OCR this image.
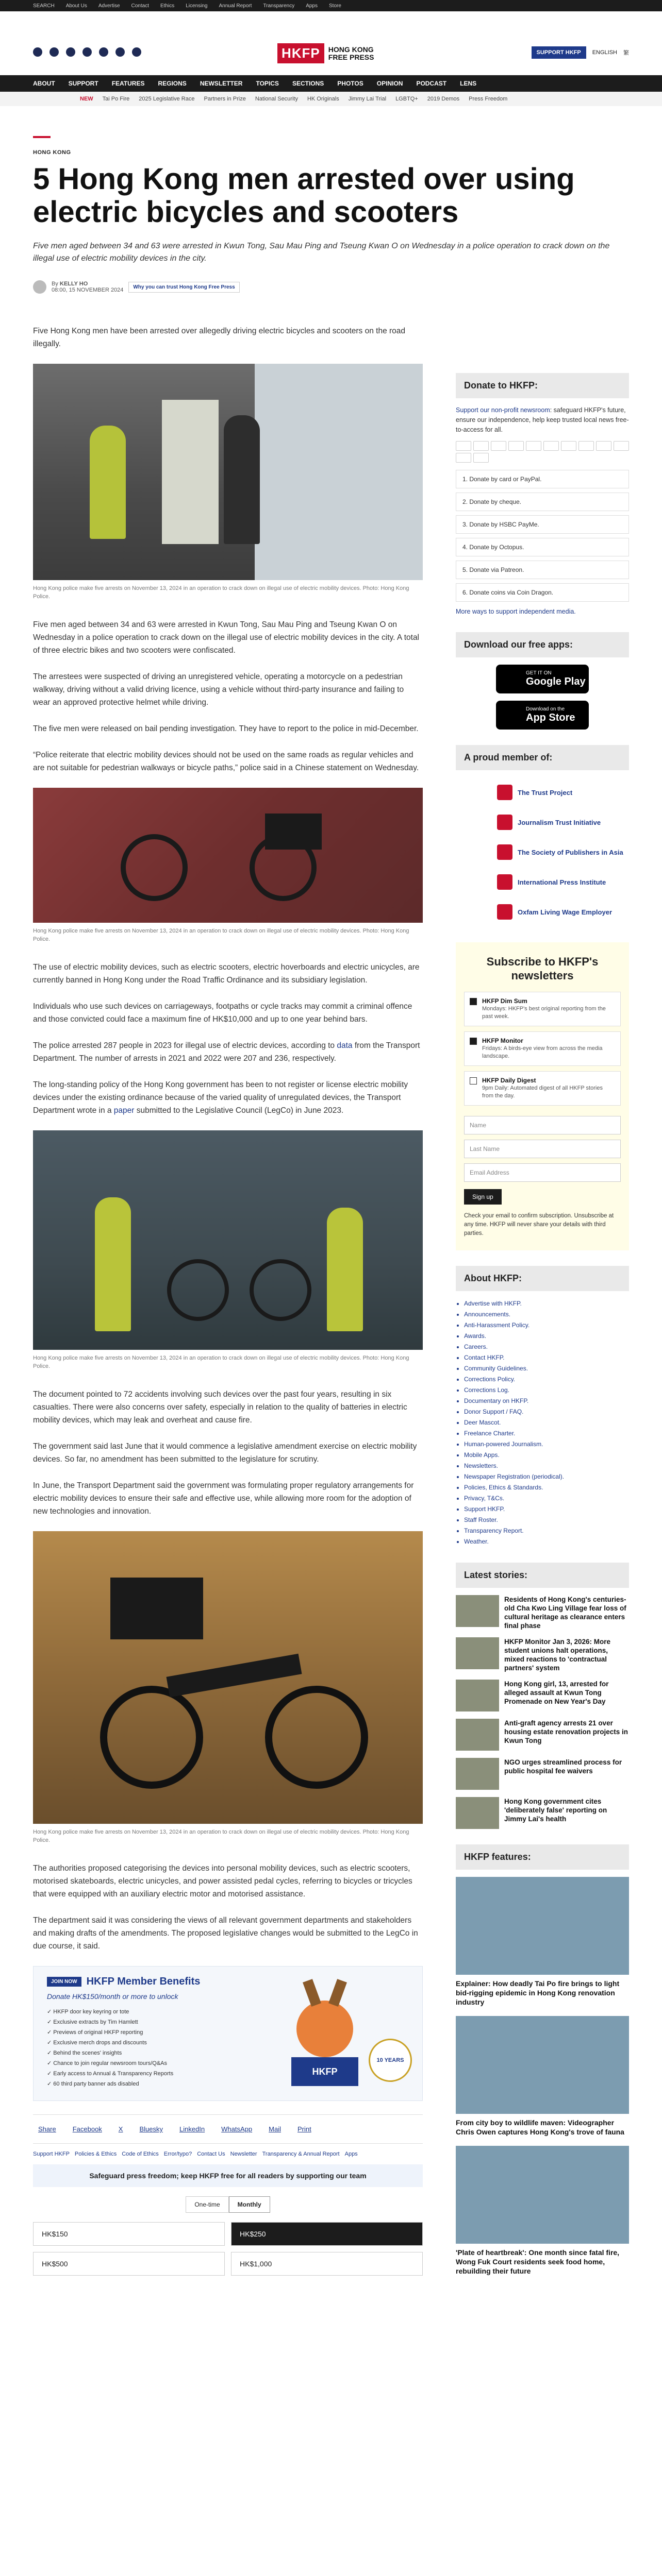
SEARCH About Us Advertise Contact Ethics Licensing Annual Report Transparency Apps Store
HKFP	HONG KONG
FREE PRESS
SUPPORT HKFP	ENGLISH 繁
ABOUT SUPPORT FEATURES REGIONS NEWSLETTER TOPICS SECTIONS PHOTOS OPINION PODCAST LENS
NEW Tai Po Fire 2025 Legislative Race Partners in Prize National Security HK Originals Jimmy Lai Trial LGBTQ+ 2019 Demos Press Freedom
HONG KONG
5 Hong Kong men arrested over using electric bicycles and scooters
Five men aged between 34 and 63 were arrested in Kwun Tong, Sau Mau Ping and Tseung Kwan O on Wednesday in a police operation to crack down on the illegal use of electric mobility devices in the city.
By KELLY HO
08:00, 15 NOVEMBER 2024	Why you can trust Hong Kong Free Press

Five Hong Kong men have been arrested over allegedly driving electric bicycles and scooters on the road illegally.

Hong Kong police make five arrests on November 13, 2024 in an operation to crack down on illegal use of electric mobility devices. Photo: Hong Kong Police.

Five men aged between 34 and 63 were arrested in Kwun Tong, Sau Mau Ping and Tseung Kwan O on Wednesday in a police operation to crack down on the illegal use of electric mobility devices in the city. A total of three electric bikes and two scooters were confiscated.

The arrestees were suspected of driving an unregistered vehicle, operating a motorcycle on a pedestrian walkway, driving without a valid driving licence, using a vehicle without third-party insurance and failing to wear an approved protective helmet while driving.

The five men were released on bail pending investigation. They have to report to the police in mid-December.

“Police reiterate that electric mobility devices should not be used on the same roads as regular vehicles and are not suitable for pedestrian walkways or bicycle paths,” police said in a Chinese statement on Wednesday.

Hong Kong police make five arrests on November 13, 2024 in an operation to crack down on illegal use of electric mobility devices. Photo: Hong Kong Police.

The use of electric mobility devices, such as electric scooters, electric hoverboards and electric unicycles, are currently banned in Hong Kong under the Road Traffic Ordinance and its subsidiary legislation.

Individuals who use such devices on carriageways, footpaths or cycle tracks may commit a criminal offence and those convicted could face a maximum fine of HK$10,000 and up to one year behind bars.

The police arrested 287 people in 2023 for illegal use of electric devices, according to data from the Transport Department. The number of arrests in 2021 and 2022 were 207 and 236, respectively.

The long-standing policy of the Hong Kong government has been to not register or license electric mobility devices under the existing ordinance because of the varied quality of unregulated devices, the Transport Department wrote in a paper submitted to the Legislative Council (LegCo) in June 2023.

Hong Kong police make five arrests on November 13, 2024 in an operation to crack down on illegal use of electric mobility devices. Photo: Hong Kong Police.

The document pointed to 72 accidents involving such devices over the past four years, resulting in six casualties. There were also concerns over safety, especially in relation to the quality of batteries in electric mobility devices, which may leak and overheat and cause fire.

The government said last June that it would commence a legislative amendment exercise on electric mobility devices. So far, no amendment has been submitted to the legislature for scrutiny.

In June, the Transport Department said the government was formulating proper regulatory arrangements for electric mobility devices to ensure their safe and effective use, while allowing more room for the adoption of new technologies and innovation.

Hong Kong police make five arrests on November 13, 2024 in an operation to crack down on illegal use of electric mobility devices. Photo: Hong Kong Police.

The authorities proposed categorising the devices into personal mobility devices, such as electric scooters, motorised skateboards, electric unicycles, and power assisted pedal cycles, referring to bicycles or tricycles that were equipped with an auxiliary electric motor and motorised assistance.

The department said it was considering the views of all relevant government departments and stakeholders and making drafts of the amendments. The proposed legislative changes would be submitted to the LegCo in due course, it said.

JOIN NOW HKFP Member Benefits
Donate HK$150/month or more to unlock
✓ HKFP door key keyring or tote
✓ Exclusive extracts by Tim Hamlett
✓ Previews of original HKFP reporting
✓ Exclusive merch drops and discounts
✓ Behind the scenes' insights
✓ Chance to join regular newsroom tours/Q&As
✓ Early access to Annual & Transparency Reports
✓ 60 third party banner ads disabled
HKFP
10 YEARS
Share Facebook X Bluesky LinkedIn WhatsApp Mail Print
Support HKFP Policies & Ethics Code of Ethics Error/typo? Contact Us Newsletter Transparency & Annual Report Apps
Safeguard press freedom; keep HKFP free for all readers by supporting our team
One-time	Monthly
HK$150	HK$250
HK$500	HK$1,000
Donate to HKFP:
Support our non-profit newsroom: safeguard HKFP's future, ensure our independence, help keep trusted local news free-to-access for all.
1. Donate by card or PayPal.
2. Donate by cheque.
3. Donate by HSBC PayMe.
4. Donate by Octopus.
5. Donate via Patreon.
6. Donate coins via Coin Dragon.
More ways to support independent media.
Download our free apps:
GET IT ON
Google Play
Download on the
App Store
A proud member of:
The Trust Project
Journalism Trust Initiative
The Society of Publishers in Asia
International Press Institute
Oxfam Living Wage Employer
Subscribe to HKFP's newsletters
HKFP Dim Sum
Mondays: HKFP's best original reporting from the past week.
HKFP Monitor
Fridays: A birds-eye view from across the media landscape.
HKFP Daily Digest
9pm Daily: Automated digest of all HKFP stories from the day.
Name
Last Name
Email Address
Sign up
Check your email to confirm subscription. Unsubscribe at any time. HKFP will never share your details with third parties.
About HKFP:
• Advertise with HKFP.
• Announcements.
• Anti-Harassment Policy.
• Awards.
• Careers.
• Contact HKFP.
• Community Guidelines.
• Corrections Policy.
• Corrections Log.
• Documentary on HKFP.
• Donor Support / FAQ.
• Deer Mascot.
• Freelance Charter.
• Human-powered Journalism.
• Mobile Apps.
• Newsletters.
• Newspaper Registration (periodical).
• Policies, Ethics & Standards.
• Privacy, T&Cs.
• Support HKFP.
• Staff Roster.
• Transparency Report.
• Weather.
Latest stories:
Residents of Hong Kong's centuries-old Cha Kwo Ling Village fear loss of cultural heritage as clearance enters final phase
HKFP Monitor Jan 3, 2026: More student unions halt operations, mixed reactions to 'contractual partners' system
Hong Kong girl, 13, arrested for alleged assault at Kwun Tong Promenade on New Year's Day
Anti-graft agency arrests 21 over housing estate renovation projects in Kwun Tong
NGO urges streamlined process for public hospital fee waivers
Hong Kong government cites 'deliberately false' reporting on Jimmy Lai's health
HKFP features:
Explainer: How deadly Tai Po fire brings to light bid-rigging epidemic in Hong Kong renovation industry
From city boy to wildlife maven: Videographer Chris Owen captures Hong Kong's trove of fauna
'Plate of heartbreak': One month since fatal fire, Wong Fuk Court residents seek food home, rebuilding their future
